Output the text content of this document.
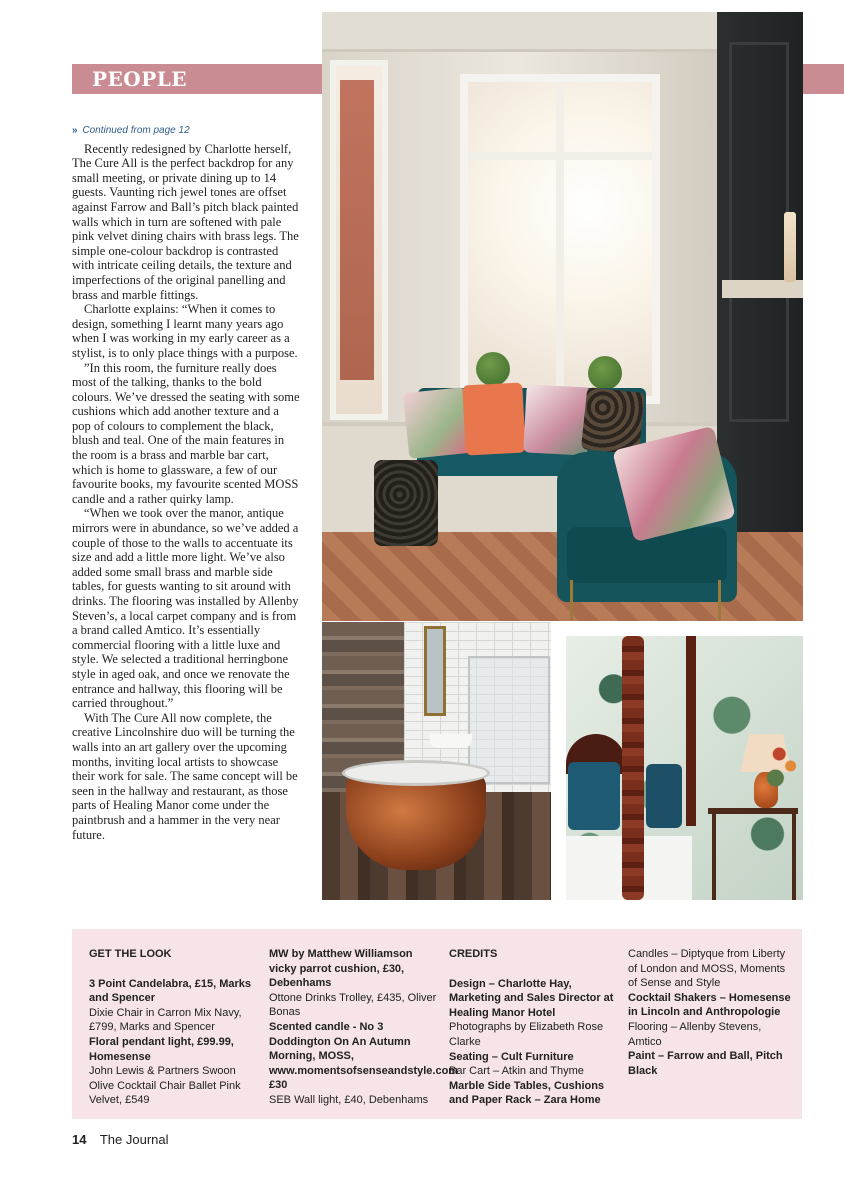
PEOPLE
» Continued from page 12

Recently redesigned by Charlotte herself, The Cure All is the perfect backdrop for any small meeting, or private dining up to 14 guests. Vaunting rich jewel tones are offset against Farrow and Ball’s pitch black painted walls which in turn are softened with pale pink velvet dining chairs with brass legs. The simple one-colour backdrop is contrasted with intricate ceiling details, the texture and imperfections of the original panelling and brass and marble fittings.

Charlotte explains: “When it comes to design, something I learnt many years ago when I was working in my early career as a stylist, is to only place things with a purpose.

”In this room, the furniture really does most of the talking, thanks to the bold colours. We’ve dressed the seating with some cushions which add another texture and a pop of colours to complement the black, blush and teal. One of the main features in the room is a brass and marble bar cart, which is home to glassware, a few of our favourite books, my favourite scented MOSS candle and a rather quirky lamp.

“When we took over the manor, antique mirrors were in abundance, so we’ve added a couple of those to the walls to accentuate its size and add a little more light. We’ve also added some small brass and marble side tables, for guests wanting to sit around with drinks. The flooring was installed by Allenby Steven’s, a local carpet company and is from a brand called Amtico. It’s essentially commercial flooring with a little luxe and style. We selected a traditional herringbone style in aged oak, and once we renovate the entrance and hallway, this flooring will be carried throughout.”

With The Cure All now complete, the creative Lincolnshire duo will be turning the walls into an art gallery over the upcoming months, inviting local artists to showcase their work for sale. The same concept will be seen in the hallway and restaurant, as those parts of Healing Manor come under the paintbrush and a hammer in the very near future.

GET THE LOOK
3 Point Candelabra, £15, Marks and Spencer
Dixie Chair in Carron Mix Navy, £799, Marks and Spencer
Floral pendant light, £99.99, Homesense
John Lewis & Partners Swoon Olive Cocktail Chair Ballet Pink Velvet, £549
MW by Matthew Williamson vicky parrot cushion, £30, Debenhams
Ottone Drinks Trolley, £435, Oliver Bonas
Scented candle - No 3 Doddington On An Autumn Morning, MOSS, www.momentsofsenseandstyle.com £30
SEB Wall light, £40, Debenhams
CREDITS
Design – Charlotte Hay, Marketing and Sales Director at Healing Manor Hotel
Photographs by Elizabeth Rose Clarke
Seating – Cult Furniture
Bar Cart – Atkin and Thyme
Marble Side Tables, Cushions and Paper Rack – Zara Home
Candles – Diptyque from Liberty of London and MOSS, Moments of Sense and Style
Cocktail Shakers – Homesense in Lincoln and Anthropologie
Flooring – Allenby Stevens, Amtico
Paint – Farrow and Ball, Pitch Black
14 The Journal
